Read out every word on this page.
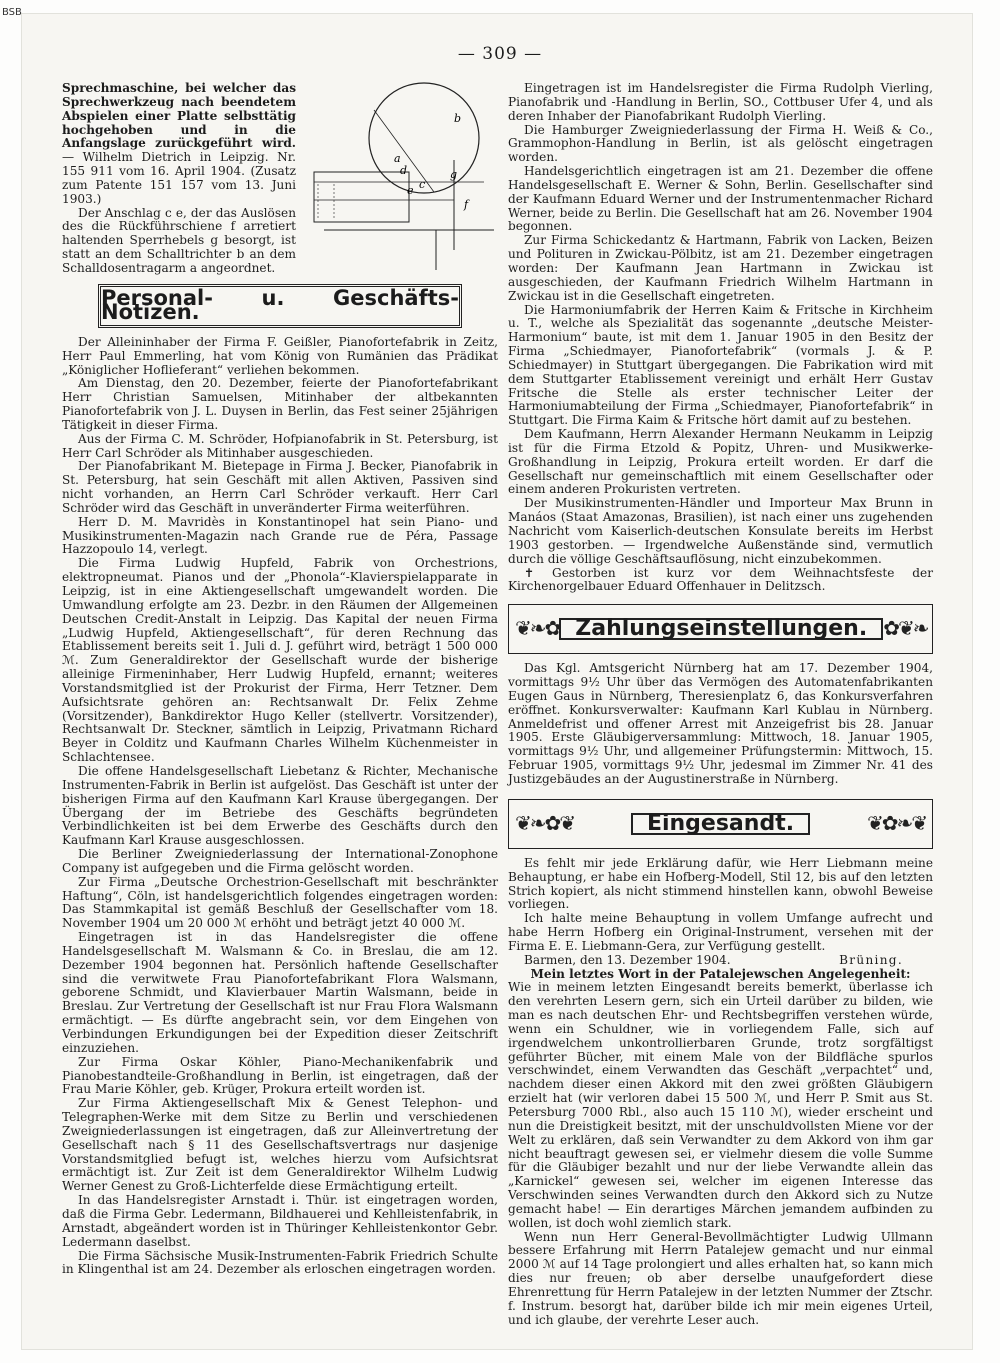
BSB
— 309 —
a
b
c
d
e
f
g

Sprechmaschine, bei welcher das Sprechwerkzeug nach beendetem Abspielen einer Platte selbsttätig hochgehoben und in die Anfangslage zurückgeführt wird. — Wilhelm Dietrich in Leipzig. Nr. 155 911 vom 16. April 1904. (Zusatz zum Patente 151 157 vom 13. Juni 1903.)

Der Anschlag c e, der das Auslösen des die Rückführschiene f arretiert haltenden Sperrhebels g besorgt, ist statt an dem Schalltrichter b an dem Schalldosentragarm a angeordnet.

Personal- u. Geschäfts-Notizen.

Der Alleininhaber der Firma F. Geißler, Pianofortefabrik in Zeitz, Herr Paul Emmerling, hat vom König von Rumänien das Prädikat „Königlicher Hoflieferant“ verliehen bekommen.

Am Dienstag, den 20. Dezember, feierte der Pianofortefabrikant Herr Christian Samuelsen, Mitinhaber der altbekannten Pianofortefabrik von J. L. Duysen in Berlin, das Fest seiner 25jährigen Tätigkeit in dieser Firma.

Aus der Firma C. M. Schröder, Hofpianofabrik in St. Petersburg, ist Herr Carl Schröder als Mitinhaber ausgeschieden.

Der Pianofabrikant M. Bietepage in Firma J. Becker, Pianofabrik in St. Petersburg, hat sein Geschäft mit allen Aktiven, Passiven sind nicht vorhanden, an Herrn Carl Schröder verkauft. Herr Carl Schröder wird das Geschäft in unveränderter Firma weiterführen.

Herr D. M. Mavridès in Konstantinopel hat sein Piano- und Musikinstrumenten-Magazin nach Grande rue de Péra, Passage Hazzopoulo 14, verlegt.

Die Firma Ludwig Hupfeld, Fabrik von Orchestrions, elektropneumat. Pianos und der „Phonola“-Klavierspielapparate in Leipzig, ist in eine Aktiengesellschaft umgewandelt worden. Die Umwandlung erfolgte am 23. Dezbr. in den Räumen der Allgemeinen Deutschen Credit-Anstalt in Leipzig. Das Kapital der neuen Firma „Ludwig Hupfeld, Aktiengesellschaft“, für deren Rechnung das Etablissement bereits seit 1. Juli d. J. geführt wird, beträgt 1 500 000 ℳ. Zum Generaldirektor der Gesellschaft wurde der bisherige alleinige Firmeninhaber, Herr Ludwig Hupfeld, ernannt; weiteres Vorstandsmitglied ist der Prokurist der Firma, Herr Tetzner. Dem Aufsichtsrate gehören an: Rechtsanwalt Dr. Felix Zehme (Vorsitzender), Bankdirektor Hugo Keller (stellvertr. Vorsitzender), Rechtsanwalt Dr. Steckner, sämtlich in Leipzig, Privatmann Richard Beyer in Colditz und Kaufmann Charles Wilhelm Küchenmeister in Schlachtensee.

Die offene Handelsgesellschaft Liebetanz & Richter, Mechanische Instrumenten-Fabrik in Berlin ist aufgelöst. Das Geschäft ist unter der bisherigen Firma auf den Kaufmann Karl Krause übergegangen. Der Übergang der im Betriebe des Geschäfts begründeten Verbindlichkeiten ist bei dem Erwerbe des Geschäfts durch den Kaufmann Karl Krause ausgeschlossen.

Die Berliner Zweigniederlassung der International-Zonophone Company ist aufgegeben und die Firma gelöscht worden.

Zur Firma „Deutsche Orchestrion-Gesellschaft mit beschränkter Haftung“, Cöln, ist handelsgerichtlich folgendes eingetragen worden: Das Stammkapital ist gemäß Beschluß der Gesellschafter vom 18. November 1904 um 20 000 ℳ erhöht und beträgt jetzt 40 000 ℳ.

Eingetragen ist in das Handelsregister die offene Handelsgesellschaft M. Walsmann & Co. in Breslau, die am 12. Dezember 1904 begonnen hat. Persönlich haftende Gesellschafter sind die verwitwete Frau Pianofortefabrikant Flora Walsmann, geborene Schmidt, und Klavierbauer Martin Walsmann, beide in Breslau. Zur Vertretung der Gesellschaft ist nur Frau Flora Walsmann ermächtigt. — Es dürfte angebracht sein, vor dem Eingehen von Verbindungen Erkundigungen bei der Expedition dieser Zeitschrift einzuziehen.

Zur Firma Oskar Köhler, Piano-Mechanikenfabrik und Pianobestandteile-Großhandlung in Berlin, ist eingetragen, daß der Frau Marie Köhler, geb. Krüger, Prokura erteilt worden ist.

Zur Firma Aktiengesellschaft Mix & Genest Telephon- und Telegraphen-Werke mit dem Sitze zu Berlin und verschiedenen Zweigniederlassungen ist eingetragen, daß zur Alleinvertretung der Gesellschaft nach § 11 des Gesellschaftsvertrags nur dasjenige Vorstandsmitglied befugt ist, welches hierzu vom Aufsichtsrat ermächtigt ist. Zur Zeit ist dem Generaldirektor Wilhelm Ludwig Werner Genest zu Groß-Lichterfelde diese Ermächtigung erteilt.

In das Handelsregister Arnstadt i. Thür. ist eingetragen worden, daß die Firma Gebr. Ledermann, Bildhauerei und Kehlleistenfabrik, in Arnstadt, abgeändert worden ist in Thüringer Kehlleistenkontor Gebr. Ledermann daselbst.

Die Firma Sächsische Musik-Instrumenten-Fabrik Friedrich Schulte in Klingenthal ist am 24. Dezember als erloschen eingetragen worden.

Eingetragen ist im Handelsregister die Firma Rudolph Vierling, Pianofabrik und -Handlung in Berlin, SO., Cottbuser Ufer 4, und als deren Inhaber der Pianofabrikant Rudolph Vierling.

Die Hamburger Zweigniederlassung der Firma H. Weiß & Co., Grammophon-Handlung in Berlin, ist als gelöscht eingetragen worden.

Handelsgerichtlich eingetragen ist am 21. Dezember die offene Handelsgesellschaft E. Werner & Sohn, Berlin. Gesellschafter sind der Kaufmann Eduard Werner und der Instrumentenmacher Richard Werner, beide zu Berlin. Die Gesellschaft hat am 26. November 1904 begonnen.

Zur Firma Schickedantz & Hartmann, Fabrik von Lacken, Beizen und Polituren in Zwickau-Pölbitz, ist am 21. Dezember eingetragen worden: Der Kaufmann Jean Hartmann in Zwickau ist ausgeschieden, der Kaufmann Friedrich Wilhelm Hartmann in Zwickau ist in die Gesellschaft eingetreten.

Die Harmoniumfabrik der Herren Kaim & Fritsche in Kirchheim u. T., welche als Spezialität das sogenannte „deutsche Meister-Harmonium“ baute, ist mit dem 1. Januar 1905 in den Besitz der Firma „Schiedmayer, Pianofortefabrik“ (vormals J. & P. Schiedmayer) in Stuttgart übergegangen. Die Fabrikation wird mit dem Stuttgarter Etablissement vereinigt und erhält Herr Gustav Fritsche die Stelle als erster technischer Leiter der Harmoniumabteilung der Firma „Schiedmayer, Pianofortefabrik“ in Stuttgart. Die Firma Kaim & Fritsche hört damit auf zu bestehen.

Dem Kaufmann, Herrn Alexander Hermann Neukamm in Leipzig ist für die Firma Etzold & Popitz, Uhren- und Musikwerke-Großhandlung in Leipzig, Prokura erteilt worden. Er darf die Gesellschaft nur gemeinschaftlich mit einem Gesellschafter oder einem anderen Prokuristen vertreten.

Der Musikinstrumenten-Händler und Importeur Max Brunn in Manáos (Staat Amazonas, Brasilien), ist nach einer uns zugehenden Nachricht vom Kaiserlich-deutschen Konsulate bereits im Herbst 1903 gestorben. — Irgendwelche Außenstände sind, vermutlich durch die völlige Geschäftsauflösung, nicht einzubekommen.

✝ Gestorben ist kurz vor dem Weihnachtsfeste der Kirchenorgelbauer Eduard Offenhauer in Delitzsch.

❦❧✿ Zahlungseinstellungen. ✿❦❧

Das Kgl. Amtsgericht Nürnberg hat am 17. Dezember 1904, vormittags 9½ Uhr über das Vermögen des Automatenfabrikanten Eugen Gaus in Nürnberg, Theresienplatz 6, das Konkursverfahren eröffnet. Konkursverwalter: Kaufmann Karl Kublau in Nürnberg. Anmeldefrist und offener Arrest mit Anzeigefrist bis 28. Januar 1905. Erste Gläubigerversammlung: Mittwoch, 18. Januar 1905, vormittags 9½ Uhr, und allgemeiner Prüfungstermin: Mittwoch, 15. Februar 1905, vormittags 9½ Uhr, jedesmal im Zimmer Nr. 41 des Justizgebäudes an der Augustinerstraße in Nürnberg.

❦❧✿❦	Eingesandt.	❦✿❧❦

Es fehlt mir jede Erklärung dafür, wie Herr Liebmann meine Behauptung, er habe ein Hofberg-Modell, Stil 12, bis auf den letzten Strich kopiert, als nicht stimmend hinstellen kann, obwohl Beweise vorliegen.

Ich halte meine Behauptung in vollem Umfange aufrecht und habe Herrn Hofberg ein Original-Instrument, versehen mit der Firma E. E. Liebmann-Gera, zur Verfügung gestellt.

Barmen, den 13. Dezember 1904.	Brüning.

Mein letztes Wort in der Patalejewschen Angelegenheit:

Wie in meinem letzten Eingesandt bereits bemerkt, überlasse ich den verehrten Lesern gern, sich ein Urteil darüber zu bilden, wie man es nach deutschen Ehr- und Rechtsbegriffen verstehen würde, wenn ein Schuldner, wie in vorliegendem Falle, sich auf irgendwelchem unkontrollierbaren Grunde, trotz sorgfältigst geführter Bücher, mit einem Male von der Bildfläche spurlos verschwindet, einem Verwandten das Geschäft „verpachtet“ und, nachdem dieser einen Akkord mit den zwei größten Gläubigern erzielt hat (wir verloren dabei 15 500 ℳ, und Herr P. Smit aus St. Petersburg 7000 Rbl., also auch 15 110 ℳ), wieder erscheint und nun die Dreistigkeit besitzt, mit der unschuldvollsten Miene vor der Welt zu erklären, daß sein Verwandter zu dem Akkord von ihm gar nicht beauftragt gewesen sei, er vielmehr diesem die volle Summe für die Gläubiger bezahlt und nur der liebe Verwandte allein das „Karnickel“ gewesen sei, welcher im eigenen Interesse das Verschwinden seines Verwandten durch den Akkord sich zu Nutze gemacht habe! — Ein derartiges Märchen jemandem aufbinden zu wollen, ist doch wohl ziemlich stark.

Wenn nun Herr General-Bevollmächtigter Ludwig Ullmann bessere Erfahrung mit Herrn Patalejew gemacht und nur einmal 2000 ℳ auf 14 Tage prolongiert und alles erhalten hat, so kann mich dies nur freuen; ob aber derselbe unaufgefordert diese Ehrenrettung für Herrn Patalejew in der letzten Nummer der Ztschr. f. Instrum. besorgt hat, darüber bilde ich mir mein eigenes Urteil, und ich glaube, der verehrte Leser auch.
